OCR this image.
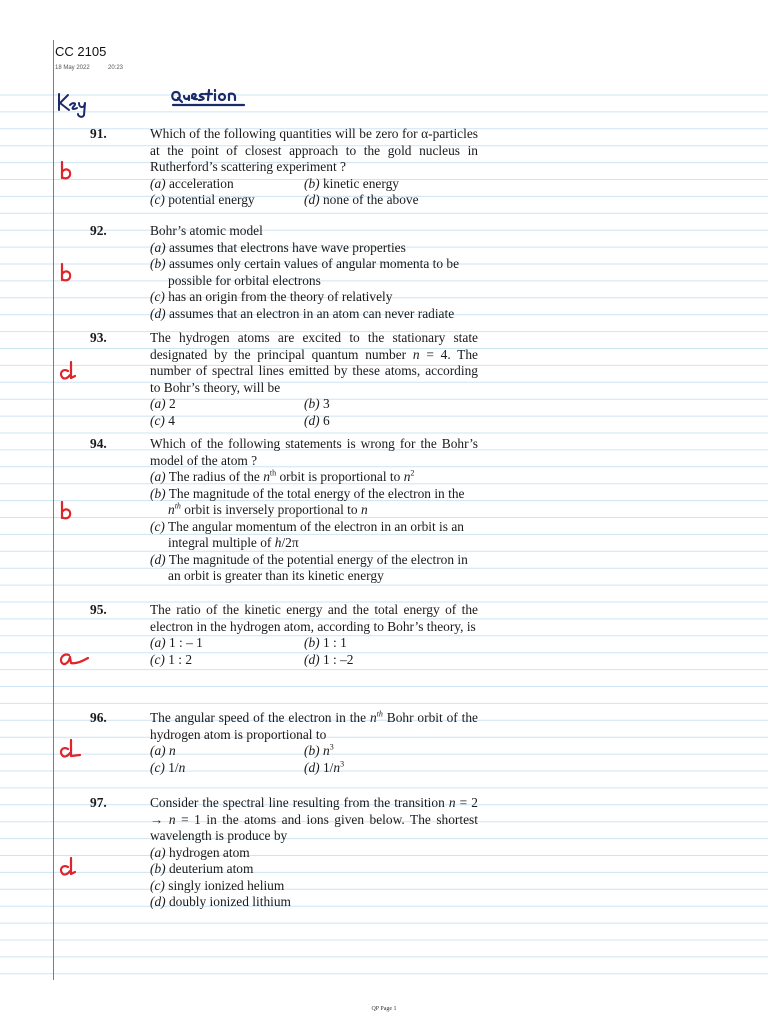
CC 2105
18 May 2022	20:23
91.	Which of the following quantities will be zero for α-particles at the point of closest approach to the gold nucleus in Rutherford’s scattering experiment ?
(a) acceleration	(b) kinetic energy
(c) potential energy	(d) none of the above
92.	Bohr’s atomic model
(a) assumes that electrons have wave properties
(b) assumes only certain values of angular momenta to be possible for orbital electrons
(c) has an origin from the theory of relatively
(d) assumes that an electron in an atom can never radiate
93.	The hydrogen atoms are excited to the stationary state designated by the principal quantum number n = 4. The number of spectral lines emitted by these atoms, according to Bohr’s theory, will be
(a) 2	(b) 3
(c) 4	(d) 6
94.	Which of the following statements is wrong for the Bohr’s model of the atom ?
(a) The radius of the $n^{th}$ orbit is proportional to $n^2$
(b) The magnitude of the total energy of the electron in the $n^{th}$ orbit is inversely proportional to n
(c) The angular momentum of the electron in an orbit is an integral multiple of h/2π
(d) The magnitude of the potential energy of the electron in an orbit is greater than its kinetic energy
95.	The ratio of the kinetic energy and the total energy of the electron in the hydrogen atom, according to Bohr’s theory, is
(a) 1 : – 1	(b) 1 : 1
(c) 1 : 2	(d) 1 : –2
96.	The angular speed of the electron in the $n^{th}$ Bohr orbit of the hydrogen atom is proportional to
(a) n	(b) $n^3$
(c) 1/n	(d) $1/n^3$
97.	Consider the spectral line resulting from the transition n = 2 → n = 1 in the atoms and ions given below. The shortest wavelength is produce by
(a) hydrogen atom
(b) deuterium atom
(c) singly ionized helium
(d) doubly ionized lithium
QP Page 1
